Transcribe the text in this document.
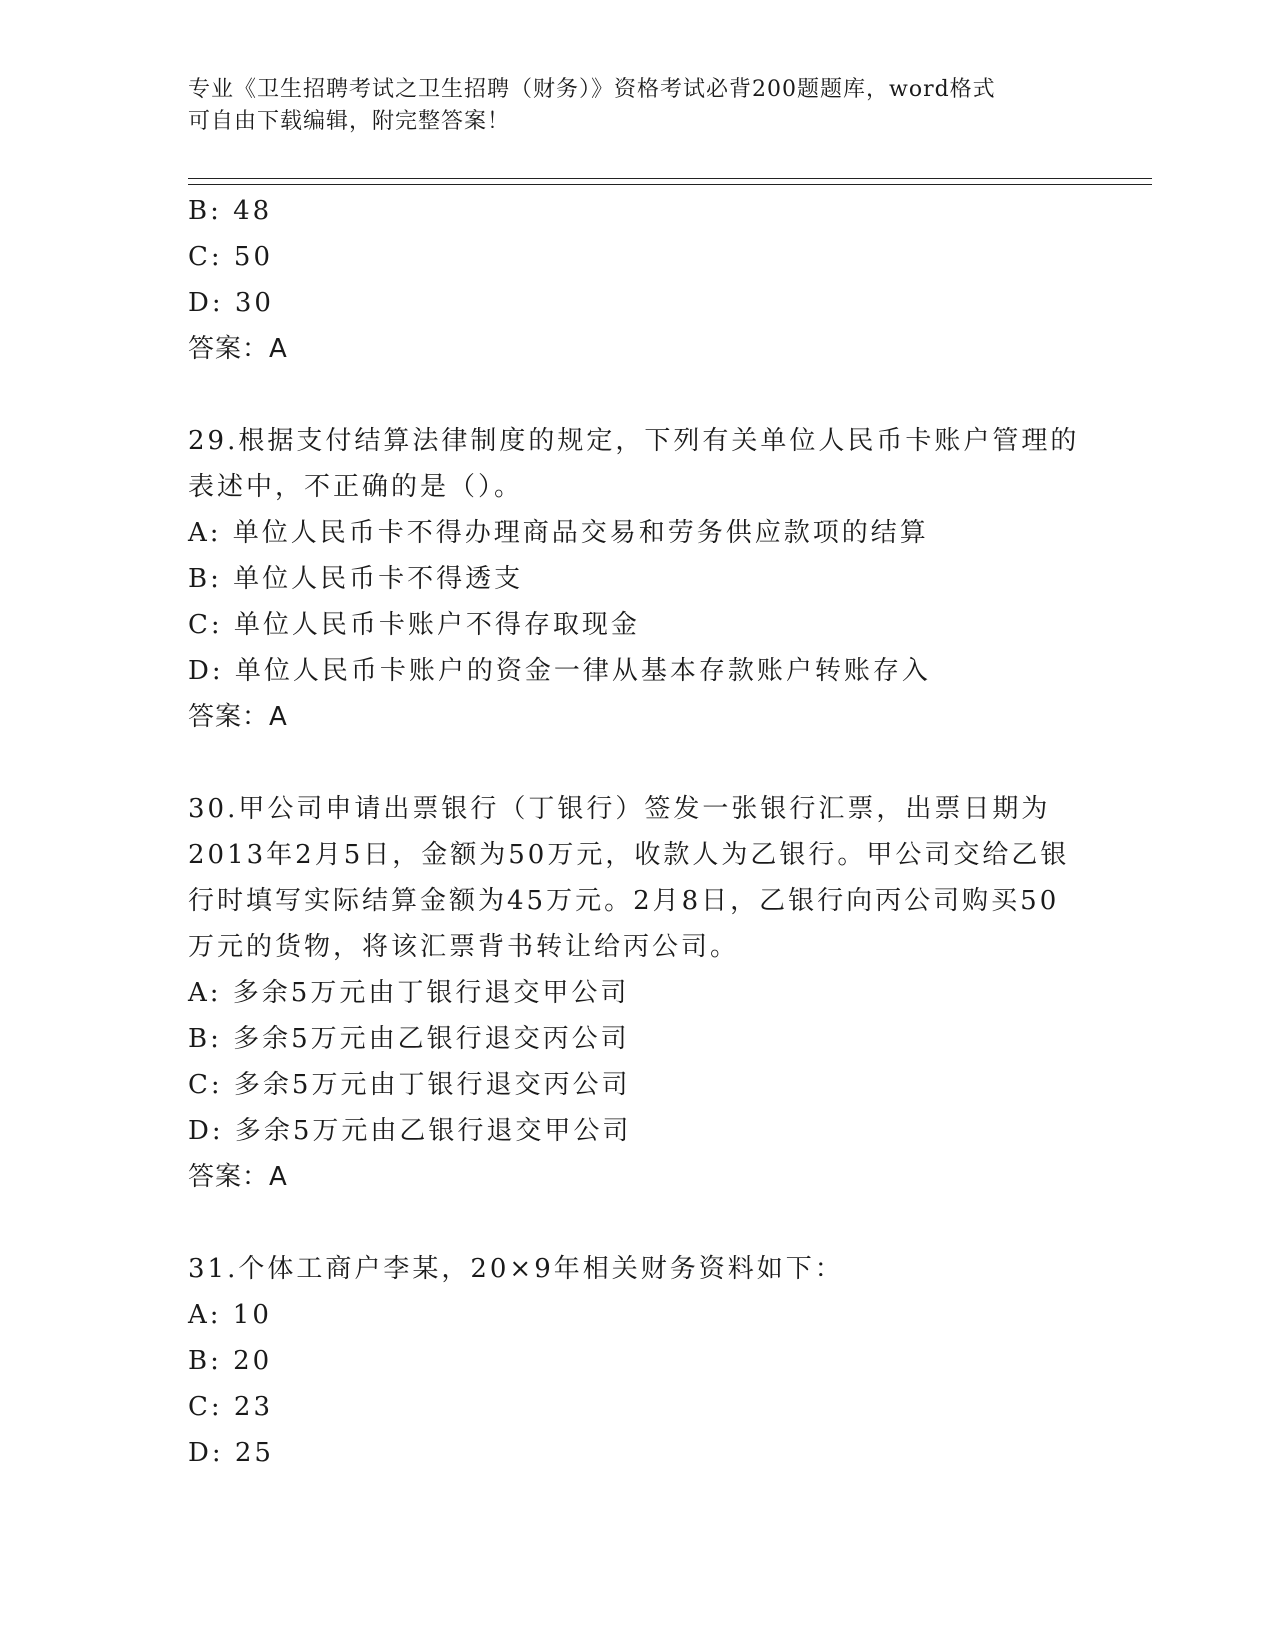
专业《卫生招聘考试之卫生招聘（财务）》资格考试必背200题题库，word格式
可自由下载编辑，附完整答案！
B: 48
C: 50
D: 30
答案：A
29.根据支付结算法律制度的规定，下列有关单位人民币卡账户管理的
表述中，不正确的是（）。
A: 单位人民币卡不得办理商品交易和劳务供应款项的结算
B: 单位人民币卡不得透支
C: 单位人民币卡账户不得存取现金
D: 单位人民币卡账户的资金一律从基本存款账户转账存入
答案：A
30.甲公司申请出票银行（丁银行）签发一张银行汇票，出票日期为
2013年2月5日，金额为50万元，收款人为乙银行。甲公司交给乙银
行时填写实际结算金额为45万元。2月8日，乙银行向丙公司购买50
万元的货物，将该汇票背书转让给丙公司。
A: 多余5万元由丁银行退交甲公司
B: 多余5万元由乙银行退交丙公司
C: 多余5万元由丁银行退交丙公司
D: 多余5万元由乙银行退交甲公司
答案：A
31.个体工商户李某，20×9年相关财务资料如下：
A: 10
B: 20
C: 23
D: 25
